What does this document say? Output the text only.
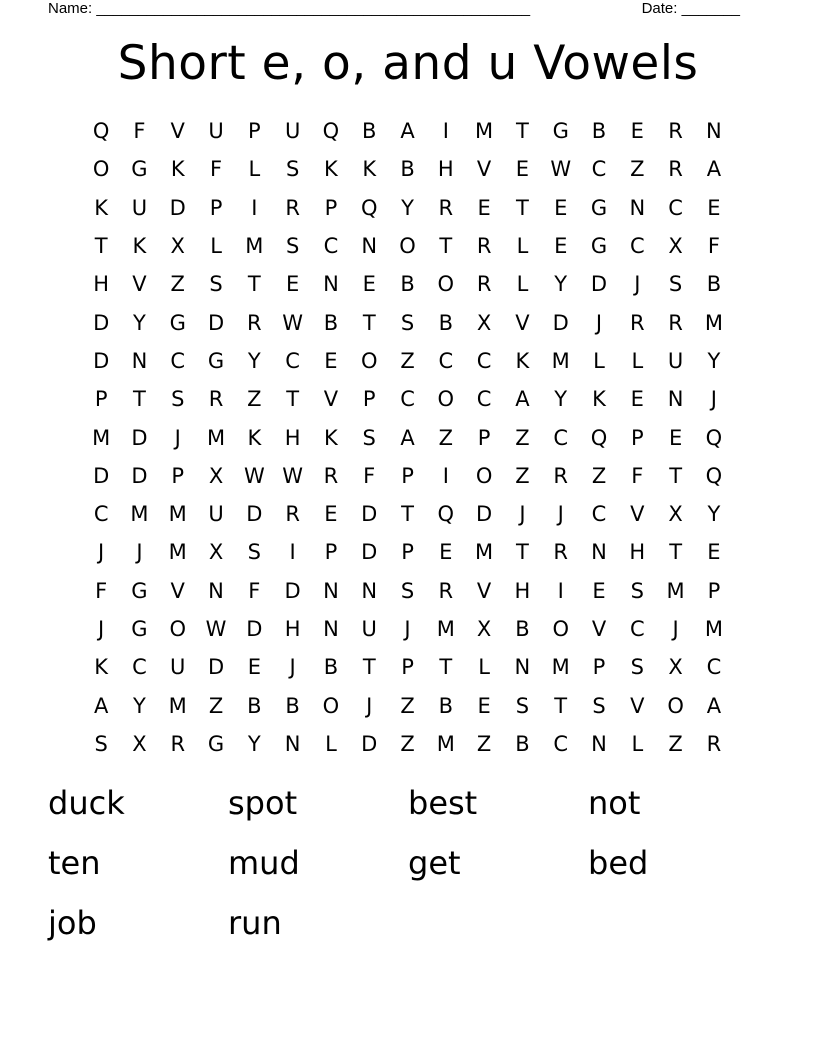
Name: ____________________________________________________	Date: _______
Short e, o, and u Vowels
Q	F	V	U	P	U	Q	B	A	I	M	T	G	B	E	R	N
O	G	K	F	L	S	K	K	B	H	V	E	W C	Z	R	A
K	U	D	P	I	R	P	Q	Y	R	E	T	E	G	N	C	E
T	K	X	L	M	S	C	N	O	T	R	L	E	G	C	X	F
H	V	Z	S	T	E	N	E	B	O	R	L	Y	D	J	S	B
D	Y	G	D	R W B	T	S	B	X	V	D	J	R	R	M
D	N	C	G	Y	C	E	O	Z	C	C	K	M	L	L	U	Y
P	T	S	R	Z	T	V	P	C	O	C	A	Y	K	E	N	J
M	D	J	M	K	H	K	S	A	Z	P	Z	C	Q	P	E	Q
D	D	P	X W W R	F	P	I	O	Z	R	Z	F	T	Q
C	M M	U	D	R	E	D	T	Q	D	J	J	C	V	X	Y
J	J	M	X	S	I	P	D	P	E	M	T	R	N	H	T	E
F	G	V	N	F	D	N	N	S	R	V	H	I	E	S	M	P
J	G	O W D	H	N	U	J	M	X	B	O	V	C	J	M
K	C	U	D	E	J	B	T	P	T	L	N	M	P	S	X	C
A	Y	M	Z	B	B	O	J	Z	B	E	S	T	S	V	O	A
S	X	R	G	Y	N	L	D	Z	M	Z	B	C	N	L	Z	R
duck	spot	best	not
ten	mud	get	bed
job	run
